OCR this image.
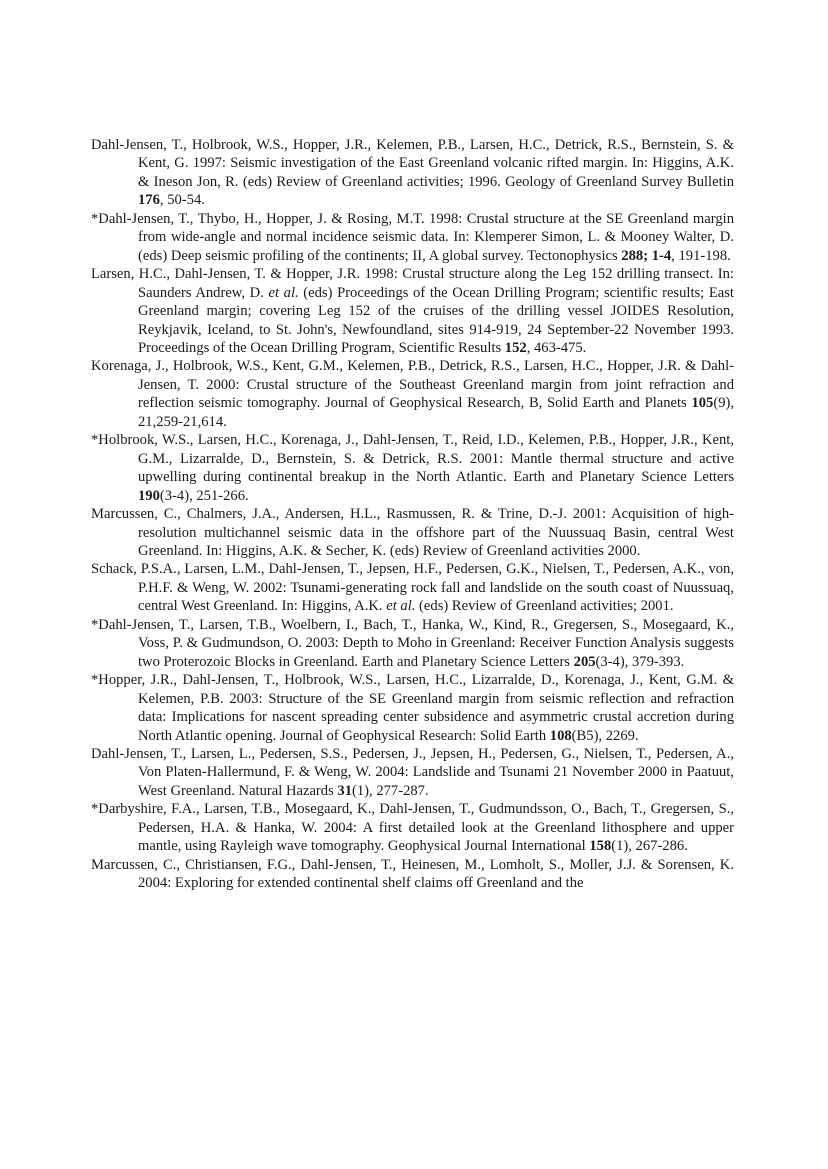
Dahl-Jensen, T., Holbrook, W.S., Hopper, J.R., Kelemen, P.B., Larsen, H.C., Detrick, R.S., Bernstein, S. & Kent, G. 1997: Seismic investigation of the East Greenland volcanic rifted margin. In: Higgins, A.K. & Ineson Jon, R. (eds) Review of Greenland activities; 1996. Geology of Greenland Survey Bulletin 176, 50-54.

*Dahl-Jensen, T., Thybo, H., Hopper, J. & Rosing, M.T. 1998: Crustal structure at the SE Greenland margin from wide-angle and normal incidence seismic data. In: Klemperer Simon, L. & Mooney Walter, D. (eds) Deep seismic profiling of the continents; II, A global survey. Tectonophysics 288; 1-4, 191-198.

Larsen, H.C., Dahl-Jensen, T. & Hopper, J.R. 1998: Crustal structure along the Leg 152 drilling transect. In: Saunders Andrew, D. et al. (eds) Proceedings of the Ocean Drilling Program; scientific results; East Greenland margin; covering Leg 152 of the cruises of the drilling vessel JOIDES Resolution, Reykjavik, Iceland, to St. John's, Newfoundland, sites 914-919, 24 September-22 November 1993. Proceedings of the Ocean Drilling Program, Scientific Results 152, 463-475.

Korenaga, J., Holbrook, W.S., Kent, G.M., Kelemen, P.B., Detrick, R.S., Larsen, H.C., Hopper, J.R. & Dahl-Jensen, T. 2000: Crustal structure of the Southeast Greenland margin from joint refraction and reflection seismic tomography. Journal of Geophysical Research, B, Solid Earth and Planets 105(9), 21,259-21,614.

*Holbrook, W.S., Larsen, H.C., Korenaga, J., Dahl-Jensen, T., Reid, I.D., Kelemen, P.B., Hopper, J.R., Kent, G.M., Lizarralde, D., Bernstein, S. & Detrick, R.S. 2001: Mantle thermal structure and active upwelling during continental breakup in the North Atlantic. Earth and Planetary Science Letters 190(3-4), 251-266.

Marcussen, C., Chalmers, J.A., Andersen, H.L., Rasmussen, R. & Trine, D.-J. 2001: Acquisition of high-resolution multichannel seismic data in the offshore part of the Nuussuaq Basin, central West Greenland. In: Higgins, A.K. & Secher, K. (eds) Review of Greenland activities 2000.

Schack, P.S.A., Larsen, L.M., Dahl-Jensen, T., Jepsen, H.F., Pedersen, G.K., Nielsen, T., Pedersen, A.K., von, P.H.F. & Weng, W. 2002: Tsunami-generating rock fall and landslide on the south coast of Nuussuaq, central West Greenland. In: Higgins, A.K. et al. (eds) Review of Greenland activities; 2001.

*Dahl-Jensen, T., Larsen, T.B., Woelbern, I., Bach, T., Hanka, W., Kind, R., Gregersen, S., Mosegaard, K., Voss, P. & Gudmundson, O. 2003: Depth to Moho in Greenland: Receiver Function Analysis suggests two Proterozoic Blocks in Greenland. Earth and Planetary Science Letters 205(3-4), 379-393.

*Hopper, J.R., Dahl-Jensen, T., Holbrook, W.S., Larsen, H.C., Lizarralde, D., Korenaga, J., Kent, G.M. & Kelemen, P.B. 2003: Structure of the SE Greenland margin from seismic reflection and refraction data: Implications for nascent spreading center subsidence and asymmetric crustal accretion during North Atlantic opening. Journal of Geophysical Research: Solid Earth 108(B5), 2269.

Dahl-Jensen, T., Larsen, L., Pedersen, S.S., Pedersen, J., Jepsen, H., Pedersen, G., Nielsen, T., Pedersen, A., Von Platen-Hallermund, F. & Weng, W. 2004: Landslide and Tsunami 21 November 2000 in Paatuut, West Greenland. Natural Hazards 31(1), 277-287.

*Darbyshire, F.A., Larsen, T.B., Mosegaard, K., Dahl-Jensen, T., Gudmundsson, O., Bach, T., Gregersen, S., Pedersen, H.A. & Hanka, W. 2004: A first detailed look at the Greenland lithosphere and upper mantle, using Rayleigh wave tomography. Geophysical Journal International 158(1), 267-286.

Marcussen, C., Christiansen, F.G., Dahl-Jensen, T., Heinesen, M., Lomholt, S., Moller, J.J. & Sorensen, K. 2004: Exploring for extended continental shelf claims off Greenland and the
